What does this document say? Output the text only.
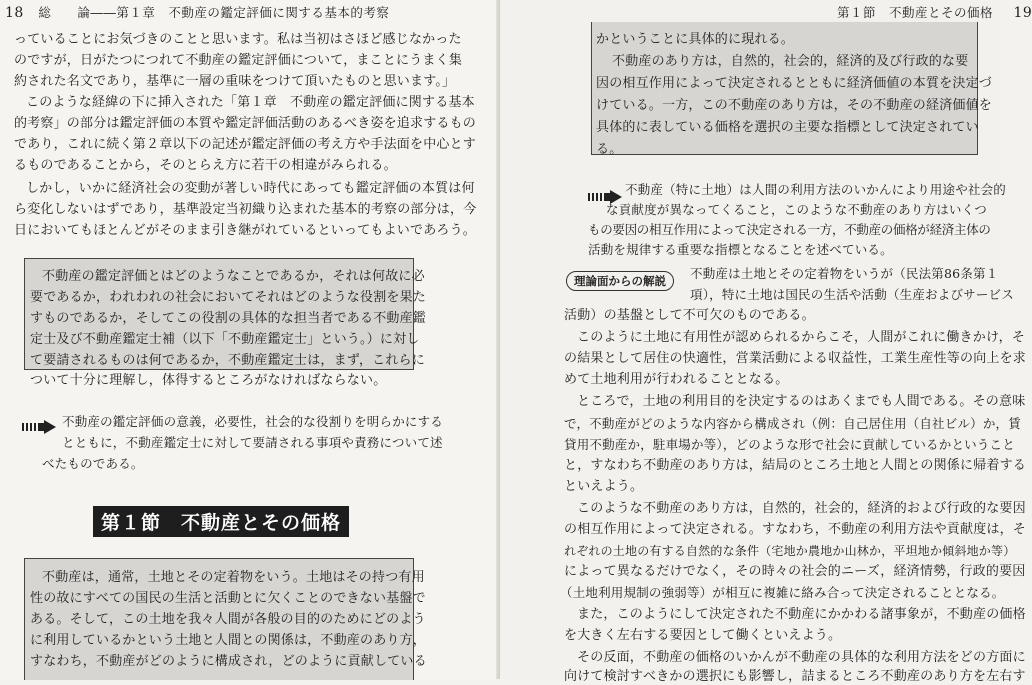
18 総　　論――第１章　不動産の鑑定評価に関する基本的考察
っていることにお気づきのことと思います。私は当初はさほど感じなかった
のですが，日がたつにつれて不動産の鑑定評価について，まことにうまく集
約された名文であり，基準に一層の重味をつけて頂いたものと思います。」
このような経緯の下に挿入された「第１章　不動産の鑑定評価に関する基本
的考察」の部分は鑑定評価の本質や鑑定評価活動のあるべき姿を追求するもの
であり，これに続く第２章以下の記述が鑑定評価の考え方や手法面を中心とす
るものであることから，そのとらえ方に若干の相違がみられる。
しかし，いかに経済社会の変動が著しい時代にあっても鑑定評価の本質は何
ら変化しないはずであり，基準設定当初織り込まれた基本的考察の部分は，今
日においてもほとんどがそのまま引き継がれているといってもよいであろう。
不動産の鑑定評価とはどのようなことであるか，それは何故に必
要であるか，われわれの社会においてそれはどのような役割を果た
すものであるか，そしてこの役割の具体的な担当者である不動産鑑
定士及び不動産鑑定士補（以下「不動産鑑定士」という。）に対し
て要請されるものは何であるか，不動産鑑定士は，まず，これらに
ついて十分に理解し，体得するところがなければならない。
不動産の鑑定評価の意義，必要性，社会的な役割りを明らかにする
とともに，不動産鑑定士に対して要請される事項や責務について述
べたものである。
第１節　不動産とその価格
不動産は，通常，土地とその定着物をいう。土地はその持つ有用
性の故にすべての国民の生活と活動とに欠くことのできない基盤で
ある。そして，この土地を我々人間が各般の目的のためにどのよう
に利用しているかという土地と人間との関係は，不動産のあり方，
すなわち，不動産がどのように構成され，どのように貢献している
第１節　不動産とその価格 19
かということに具体的に現れる。
不動産のあり方は，自然的，社会的，経済的及び行政的な要
因の相互作用によって決定されるとともに経済価値の本質を決定づ
けている。一方，この不動産のあり方は，その不動産の経済価値を
具体的に表している価格を選択の主要な指標として決定されてい
る。
不動産（特に土地）は人間の利用方法のいかんにより用途や社会的
な貢献度が異なってくること，このような不動産のあり方はいくつ
もの要因の相互作用によって決定される一方，不動産の価格が経済主体の
活動を規律する重要な指標となることを述べている。
理論面からの解説	不動産は土地とその定着物をいうが（民法第86条第１
項），特に土地は国民の生活や活動（生産およびサービス
活動）の基盤として不可欠のものである。
このように土地に有用性が認められるからこそ，人間がこれに働きかけ，そ
の結果として居住の快適性，営業活動による収益性，工業生産性等の向上を求
めて土地利用が行われることとなる。
ところで，土地の利用目的を決定するのはあくまでも人間である。その意味
で，不動産がどのような内容から構成され（例：自己居住用（自社ビル）か，賃
貸用不動産か，駐車場か等），どのような形で社会に貢献しているかということ
と，すなわち不動産のあり方は，結局のところ土地と人間との関係に帰着する
といえよう。
このような不動産のあり方は，自然的，社会的，経済的および行政的な要因
の相互作用によって決定される。すなわち，不動産の利用方法や貢献度は，そ
れぞれの土地の有する自然的な条件（宅地か農地か山林か，平坦地か傾斜地か等）
によって異なるだけでなく，その時々の社会的ニーズ，経済情勢，行政的要因
（土地利用規制の強弱等）が相互に複雑に絡み合って決定されることとなる。
また，このようにして決定された不動産にかかわる諸事象が，不動産の価格
を大きく左右する要因として働くといえよう。
その反面，不動産の価格のいかんが不動産の具体的な利用方法をどの方面に
向けて検討すべきかの選択にも影響し，詰まるところ不動産のあり方を左右す
